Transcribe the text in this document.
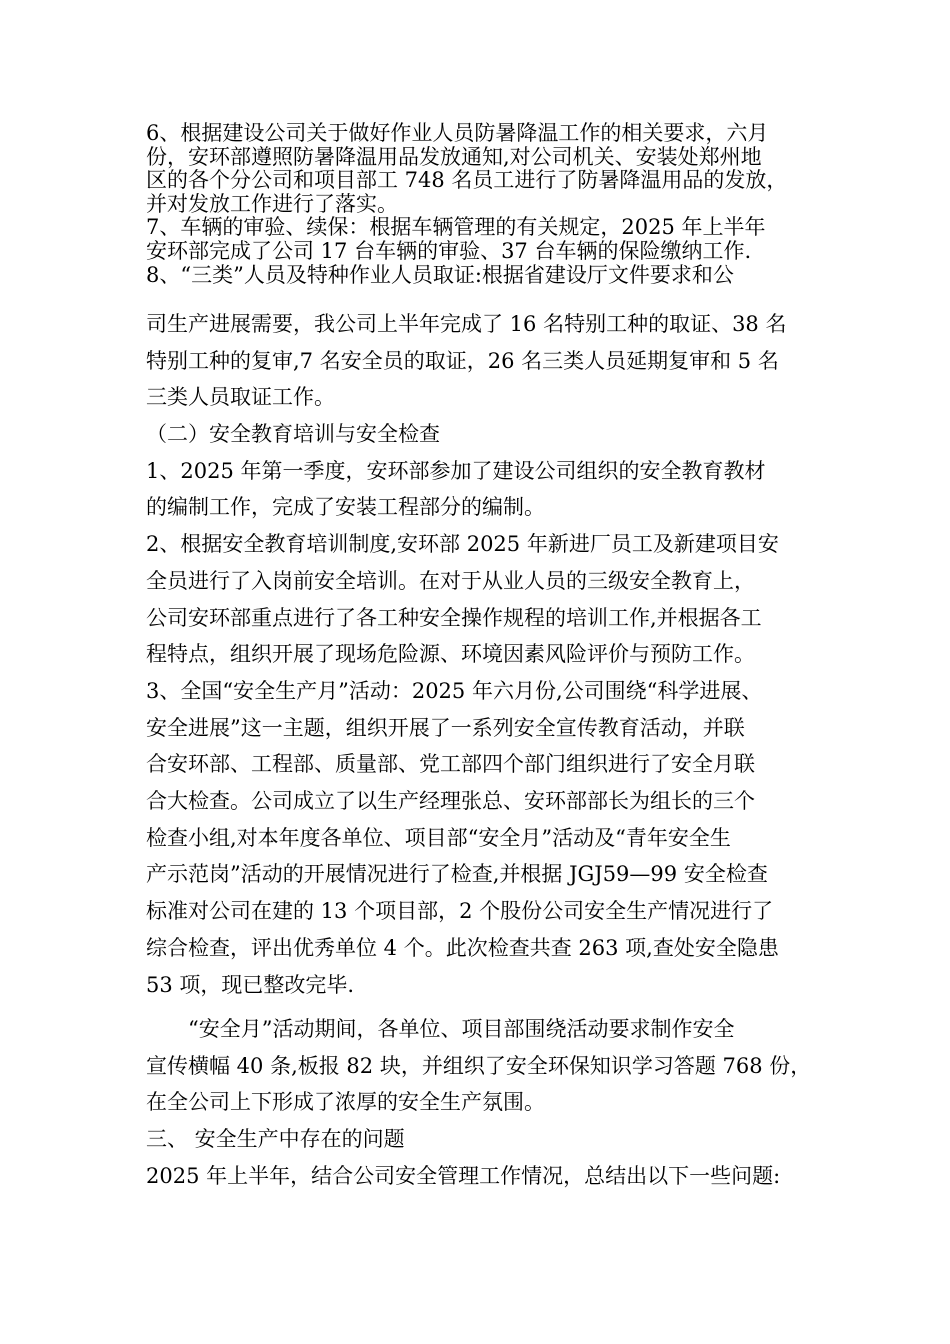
6、根据建设公司关于做好作业人员防暑降温工作的相关要求，六月
份，安环部遵照防暑降温用品发放通知,对公司机关、安装处郑州地
区的各个分公司和项目部工 748 名员工进行了防暑降温用品的发放，
并对发放工作进行了落实。
7、车辆的审验、续保：根据车辆管理的有关规定，2025 年上半年
安环部完成了公司 17 台车辆的审验、37 台车辆的保险缴纳工作.
8、“三类”人员及特种作业人员取证:根据省建设厅文件要求和公
司生产进展需要，我公司上半年完成了 16 名特别工种的取证、38 名
特别工种的复审,7 名安全员的取证，26 名三类人员延期复审和 5 名
三类人员取证工作。
（二）安全教育培训与安全检查
1、2025 年第一季度，安环部参加了建设公司组织的安全教育教材
的编制工作，完成了安装工程部分的编制。
2、根据安全教育培训制度,安环部 2025 年新进厂员工及新建项目安
全员进行了入岗前安全培训。在对于从业人员的三级安全教育上，
公司安环部重点进行了各工种安全操作规程的培训工作,并根据各工
程特点，组织开展了现场危险源、环境因素风险评价与预防工作。
3、全国“安全生产月”活动：2025 年六月份,公司围绕“科学进展、
安全进展”这一主题，组织开展了一系列安全宣传教育活动，并联
合安环部、工程部、质量部、党工部四个部门组织进行了安全月联
合大检查。公司成立了以生产经理张总、安环部部长为组长的三个
检查小组,对本年度各单位、项目部“安全月”活动及“青年安全生
产示范岗”活动的开展情况进行了检查,并根据 JGJ59—99 安全检查
标准对公司在建的 13 个项目部，2 个股份公司安全生产情况进行了
综合检查，评出优秀单位 4 个。此次检查共查 263 项,查处安全隐患
53 项，现已整改完毕.
“安全月”活动期间，各单位、项目部围绕活动要求制作安全
宣传横幅 40 条,板报 82 块，并组织了安全环保知识学习答题 768 份，
在全公司上下形成了浓厚的安全生产氛围。
三、 安全生产中存在的问题
2025 年上半年，结合公司安全管理工作情况，总结出以下一些问题:
